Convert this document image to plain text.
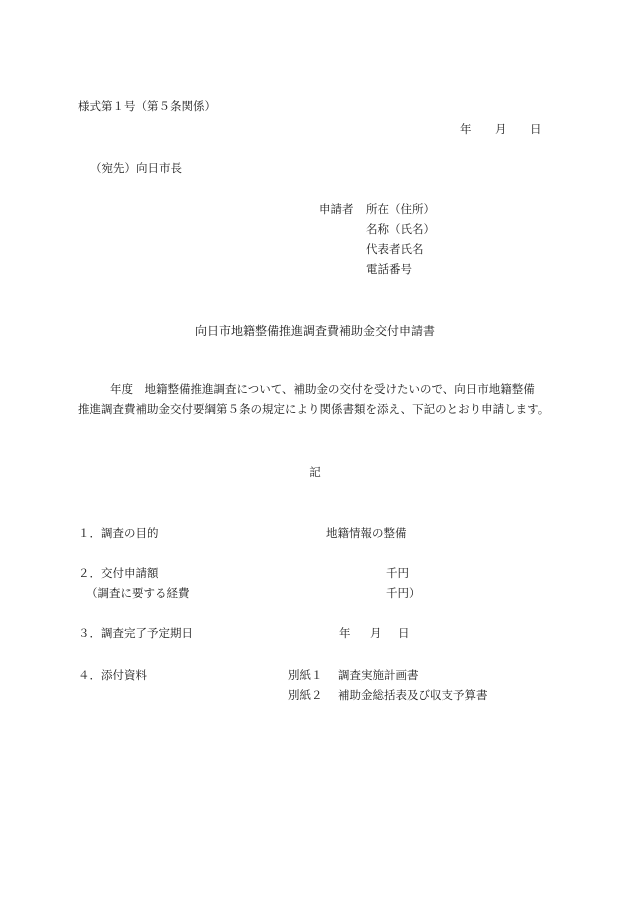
様式第１号（第５条関係）
年 月 日
（宛先）向日市長
申請者 所在（住所）
名称（氏名）
代表者氏名
電話番号
向日市地籍整備推進調査費補助金交付申請書
年度　地籍整備推進調査について、補助金の交付を受けたいので、向日市地籍整備
推進調査費補助金交付要綱第５条の規定により関係書類を添え、下記のとおり申請します。
記
１．調査の目的	地籍情報の整備
２．交付申請額	千円
（調査に要する経費	千円）
３．調査完了予定期日	年 月 日
４．添付資料	別紙１ 調査実施計画書
別紙２ 補助金総括表及び収支予算書
